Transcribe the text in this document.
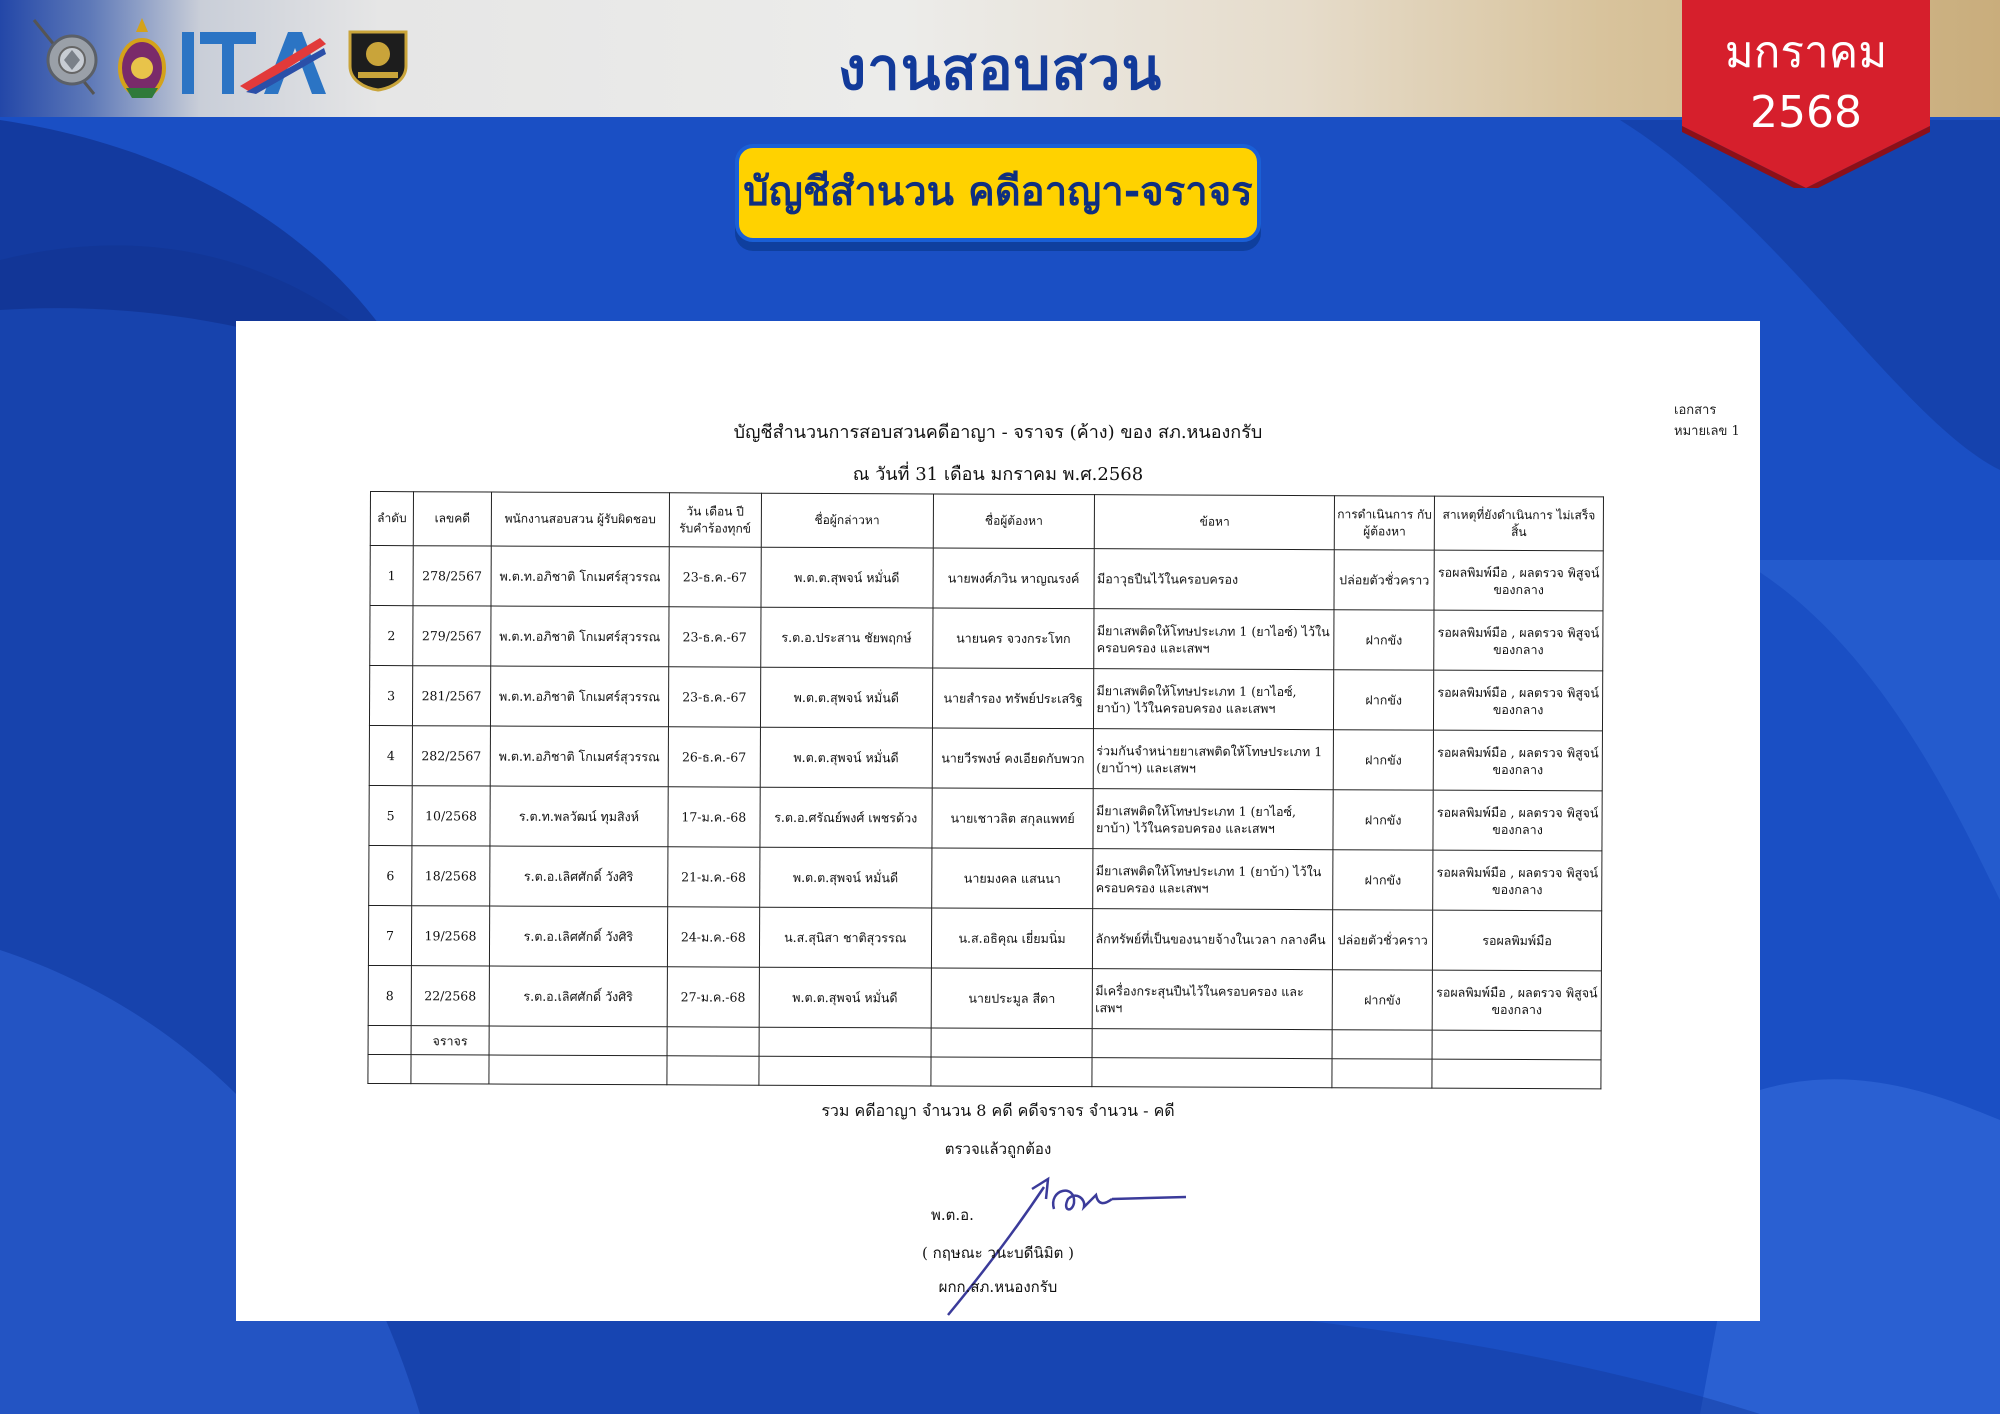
งานสอบสวน	มกราคม
2568
บัญชีสำนวน คดีอาญา-จราจร
เอกสารหมายเลข 1
บัญชีสำนวนการสอบสวนคดีอาญา - จราจร (ค้าง) ของ สภ.หนองกรับ
ณ วันที่ 31 เดือน มกราคม พ.ศ.2568
ลำดับ	เลขคดี	พนักงานสอบสวน ผู้รับผิดชอบ	วัน เดือน ปี รับคำร้องทุกข์	ชื่อผู้กล่าวหา	ชื่อผู้ต้องหา	ข้อหา	การดำเนินการ กับผู้ต้องหา	สาเหตุที่ยังดำเนินการ ไม่เสร็จสิ้น
1	278/2567	พ.ต.ท.อภิชาติ โกเมศร์สุวรรณ	23-ธ.ค.-67	พ.ต.ต.สุพจน์ หมั่นดี	นายพงศ์ภวิน หาญณรงค์	มีอาวุธปืนไว้ในครอบครอง	ปล่อยตัวชั่วคราว	รอผลพิมพ์มือ , ผลตรวจ พิสูจน์ของกลาง
2	279/2567	พ.ต.ท.อภิชาติ โกเมศร์สุวรรณ	23-ธ.ค.-67	ร.ต.อ.ประสาน ชัยพฤกษ์	นายนคร จวงกระโทก	มียาเสพติดให้โทษประเภท 1 (ยาไอซ์) ไว้ในครอบครอง และเสพฯ	ฝากขัง	รอผลพิมพ์มือ , ผลตรวจ พิสูจน์ของกลาง
3	281/2567	พ.ต.ท.อภิชาติ โกเมศร์สุวรรณ	23-ธ.ค.-67	พ.ต.ต.สุพจน์ หมั่นดี	นายสำรอง ทรัพย์ประเสริฐ	มียาเสพติดให้โทษประเภท 1 (ยาไอซ์, ยาบ้า) ไว้ในครอบครอง และเสพฯ	ฝากขัง	รอผลพิมพ์มือ , ผลตรวจ พิสูจน์ของกลาง
4	282/2567	พ.ต.ท.อภิชาติ โกเมศร์สุวรรณ	26-ธ.ค.-67	พ.ต.ต.สุพจน์ หมั่นดี	นายวีรพงษ์ คงเอียดกับพวก	ร่วมกันจำหน่ายยาเสพติดให้โทษประเภท 1 (ยาบ้าฯ) และเสพฯ	ฝากขัง	รอผลพิมพ์มือ , ผลตรวจ พิสูจน์ของกลาง
5	10/2568	ร.ต.ท.พลวัฒน์ ทุมสิงห์	17-ม.ค.-68	ร.ต.อ.ศรัณย์พงศ์ เพชรด้วง	นายเชาวลิต สกุลแพทย์	มียาเสพติดให้โทษประเภท 1 (ยาไอซ์, ยาบ้า) ไว้ในครอบครอง และเสพฯ	ฝากขัง	รอผลพิมพ์มือ , ผลตรวจ พิสูจน์ของกลาง
6	18/2568	ร.ต.อ.เลิศศักดิ์ วังศิริ	21-ม.ค.-68	พ.ต.ต.สุพจน์ หมั่นดี	นายมงคล แสนนา	มียาเสพติดให้โทษประเภท 1 (ยาบ้า) ไว้ในครอบครอง และเสพฯ	ฝากขัง	รอผลพิมพ์มือ , ผลตรวจ พิสูจน์ของกลาง
7	19/2568	ร.ต.อ.เลิศศักดิ์ วังศิริ	24-ม.ค.-68	น.ส.สุนิสา ชาติสุวรรณ	น.ส.อธิคุณ เยี่ยมนิ่ม	ลักทรัพย์ที่เป็นของนายจ้างในเวลา กลางคืน	ปล่อยตัวชั่วคราว	รอผลพิมพ์มือ
8	22/2568	ร.ต.อ.เลิศศักดิ์ วังศิริ	27-ม.ค.-68	พ.ต.ต.สุพจน์ หมั่นดี	นายประมูล สีดา	มีเครื่องกระสุนปืนไว้ในครอบครอง และเสพฯ	ฝากขัง	รอผลพิมพ์มือ , ผลตรวจ พิสูจน์ของกลาง
	จราจร							

รวม คดีอาญา จำนวน 8 คดี คดีจราจร จำนวน - คดี
ตรวจแล้วถูกต้อง
พ.ต.อ.
( กฤษณะ วนะบดีนิมิต )
ผกก.สภ.หนองกรับ
